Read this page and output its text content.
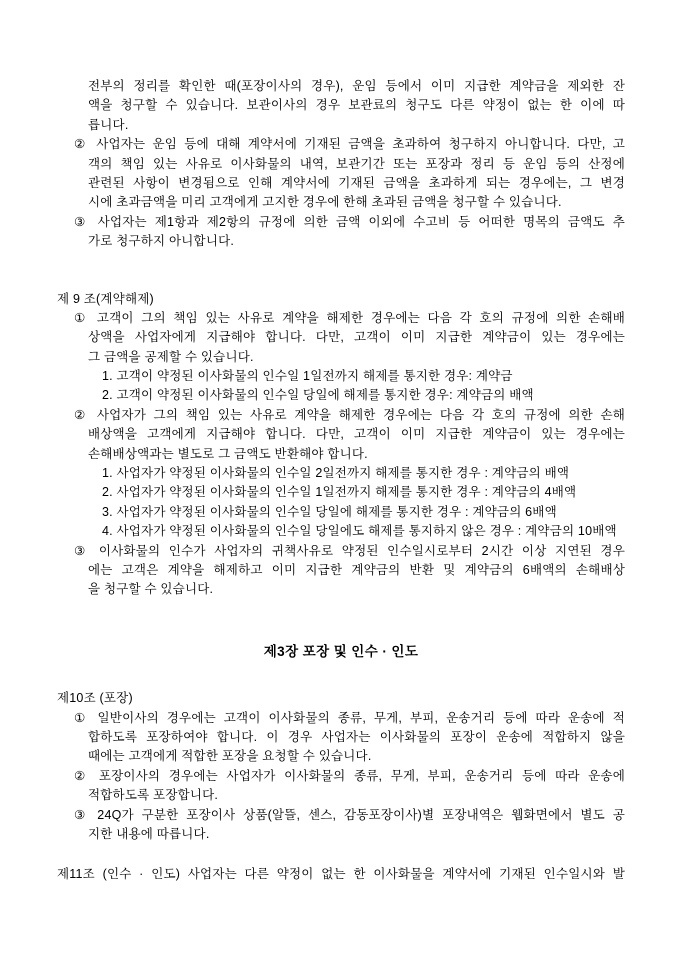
전부의 정리를 확인한 때(포장이사의 경우), 운임 등에서 이미 지급한 계약금을 제외한 잔
액을 청구할 수 있습니다. 보관이사의 경우 보관료의 청구도 다른 약정이 없는 한 이에 따
릅니다.
② 사업자는 운임 등에 대해 계약서에 기재된 금액을 초과하여 청구하지 아니합니다. 다만, 고
객의 책임 있는 사유로 이사화물의 내역, 보관기간 또는 포장과 정리 등 운임 등의 산정에
관련된 사항이 변경됨으로 인해 계약서에 기재된 금액을 초과하게 되는 경우에는, 그 변경
시에 초과금액을 미리 고객에게 고지한 경우에 한해 초과된 금액을 청구할 수 있습니다.
③ 사업자는 제1항과 제2항의 규정에 의한 금액 이외에 수고비 등 어떠한 명목의 금액도 추
가로 청구하지 아니합니다.
제 9 조(계약해제)
① 고객이 그의 책임 있는 사유로 계약을 해제한 경우에는 다음 각 호의 규정에 의한 손해배
상액을 사업자에게 지급해야 합니다. 다만, 고객이 이미 지급한 계약금이 있는 경우에는
그 금액을 공제할 수 있습니다.
1. 고객이 약정된 이사화물의 인수일 1일전까지 해제를 통지한 경우: 계약금
2. 고객이 약정된 이사화물의 인수일 당일에 해제를 통지한 경우: 계약금의 배액
② 사업자가 그의 책임 있는 사유로 계약을 해제한 경우에는 다음 각 호의 규정에 의한 손해
배상액을 고객에게 지급해야 합니다. 다만, 고객이 이미 지급한 계약금이 있는 경우에는
손해배상액과는 별도로 그 금액도 반환해야 합니다.
1. 사업자가 약정된 이사화물의 인수일 2일전까지 해제를 통지한 경우 : 계약금의 배액
2. 사업자가 약정된 이사화물의 인수일 1일전까지 해제를 통지한 경우 : 계약금의 4배액
3. 사업자가 약정된 이사화물의 인수일 당일에 해제를 통지한 경우 : 계약금의 6배액
4. 사업자가 약정된 이사화물의 인수일 당일에도 해제를 통지하지 않은 경우 : 계약금의 10배액
③ 이사화물의 인수가 사업자의 귀책사유로 약정된 인수일시로부터 2시간 이상 지연된 경우
에는 고객은 계약을 해제하고 이미 지급한 계약금의 반환 및 계약금의 6배액의 손해배상
을 청구할 수 있습니다.
제3장 포장 및 인수 · 인도
제10조 (포장)
① 일반이사의 경우에는 고객이 이사화물의 종류, 무게, 부피, 운송거리 등에 따라 운송에 적
합하도록 포장하여야 합니다. 이 경우 사업자는 이사화물의 포장이 운송에 적합하지 않을
때에는 고객에게 적합한 포장을 요청할 수 있습니다.
② 포장이사의 경우에는 사업자가 이사화물의 종류, 무게, 부피, 운송거리 등에 따라 운송에
적합하도록 포장합니다.
③ 24Q가 구분한 포장이사 상품(알뜰, 센스, 감동포장이사)별 포장내역은 웹화면에서 별도 공
지한 내용에 따릅니다.
제11조 (인수 · 인도) 사업자는 다른 약정이 없는 한 이사화물을 계약서에 기재된 인수일시와 발
